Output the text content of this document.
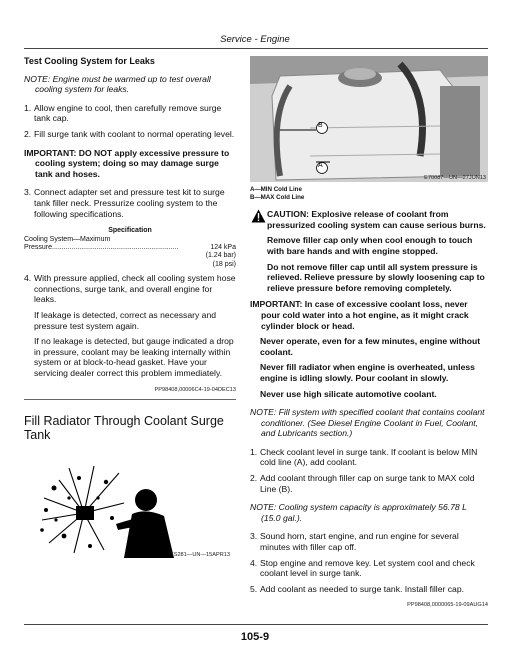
Service - Engine

Test Cooling System for Leaks

NOTE: Engine must be warmed up to test overall cooling system for leaks.

1. Allow engine to cool, then carefully remove surge tank cap.
2. Fill surge tank with coolant to normal operating level.

IMPORTANT: DO NOT apply excessive pressure to cooling system; doing so may damage surge tank and hoses.

3. Connect adapter set and pressure test kit to surge tank filler neck. Pressurize cooling system to the following specifications.

Specification

Cooling System—Maximum

Pressure.................................................................	124 kPa

(1.24 bar)

(18 psi)

4. With pressure applied, check all cooling system hose connections, surge tank, and overall engine for leaks.

If leakage is detected, correct as necessary and pressure test system again.

If no leakage is detected, but gauge indicated a drop in pressure, coolant may be leaking internally within system or at block-to-head gasket. Have your servicing dealer correct this problem immediately.

PP98408,00006C4-19-04DEC13

Fill Radiator Through Coolant Surge Tank

TS281—UN—15APR13
B
A
E70087—UN—27JUN13

A—MIN Cold Line

B—MAX Cold Line

CAUTION: Explosive release of coolant from pressurized cooling system can cause serious burns.

Remove filler cap only when cool enough to touch with bare hands and with engine stopped.

Do not remove filler cap until all system pressure is relieved. Relieve pressure by slowly loosening cap to relieve pressure before removing completely.

IMPORTANT: In case of excessive coolant loss, never pour cold water into a hot engine, as it might crack cylinder block or head.

Never operate, even for a few minutes, engine without coolant.

Never fill radiator when engine is overheated, unless engine is idling slowly. Pour coolant in slowly.

Never use high silicate automotive coolant.

NOTE: Fill system with specified coolant that contains coolant conditioner. (See Diesel Engine Coolant in Fuel, Coolant, and Lubricants section.)

1. Check coolant level in surge tank. If coolant is below MIN cold line (A), add coolant.
2. Add coolant through filler cap on surge tank to MAX cold Line (B).

NOTE: Cooling system capacity is approximately 56.78 L (15.0 gal.).

3. Sound horn, start engine, and run engine for several minutes with filler cap off.
4. Stop engine and remove key. Let system cool and check coolant level in surge tank.
5. Add coolant as needed to surge tank. Install filler cap.

PP98408,0000065-19-09AUG14

105-9
